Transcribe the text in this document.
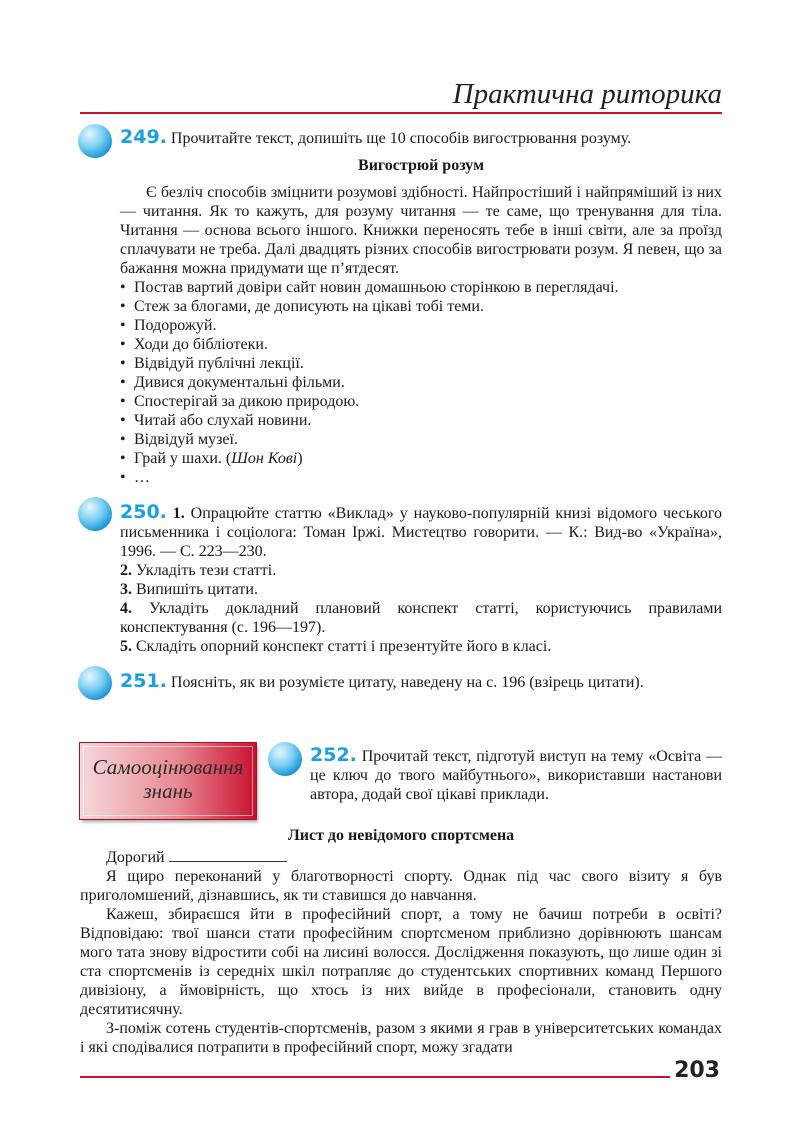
Практична риторика

249. Прочитайте текст, допишіть ще 10 способів вигострювання розуму.

Вигострюй розум

Є безліч способів зміцнити розумові здібності. Найпростіший і найпряміший із них — читання. Як то кажуть, для розуму читання — те саме, що тренування для тіла. Читання — основа всього іншого. Книжки переносять тебе в інші світи, але за проїзд сплачувати не треба. Далі двадцять різних способів вигострювати розум. Я певен, що за бажання можна придумати ще п’ятдесят.

• Постав вартий довіри сайт новин домашньою сторінкою в переглядачі.
• Стеж за блогами, де дописують на цікаві тобі теми.
• Подорожуй.
• Ходи до бібліотеки.
• Відвідуй публічні лекції.
• Дивися документальні фільми.
• Спостерігай за дикою природою.
• Читай або слухай новини.
• Відвідуй музеї.
• Грай у шахи. (Шон Кові)
• …

250. 1. Опрацюйте статтю «Виклад» у науково-популярній книзі відомого чеського письменника і соціолога: Томан Іржі. Мистецтво говорити. — К.: Вид-во «Україна», 1996. — С. 223—230.

2. Укладіть тези статті.

3. Випишіть цитати.

4. Укладіть докладний плановий конспект статті, користуючись правилами конспектування (с. 196—197).

5. Складіть опорний конспект статті і презентуйте його в класі.

251. Поясніть, як ви розумієте цитату, наведену на с. 196 (взірець цитати).

Самооцінювання
знань

252. Прочитай текст, підготуй виступ на тему «Освіта — це ключ до твого майбутнього», використавши настанови автора, додай свої цікаві приклади.

Лист до невідомого спортсмена

Дорогий

Я щиро переконаний у благотворності спорту. Однак під час свого візиту я був приголомшений, дізнавшись, як ти ставишся до навчання.

Кажеш, збираєшся йти в професійний спорт, а тому не бачиш потреби в освіті? Відповідаю: твої шанси стати професійним спортсменом приблизно дорівнюють шансам мого тата знову відростити собі на лисині волосся. Дослідження показують, що лише один зі ста спортсменів із середніх шкіл потрапляє до студентських спортивних команд Першого дивізіону, а ймовірність, що хтось із них вийде в професіонали, становить одну десятитисячну.

З-поміж сотень студентів-спортсменів, разом з якими я грав в університетських командах і які сподівалися потрапити в професійний спорт, можу згадати

203
